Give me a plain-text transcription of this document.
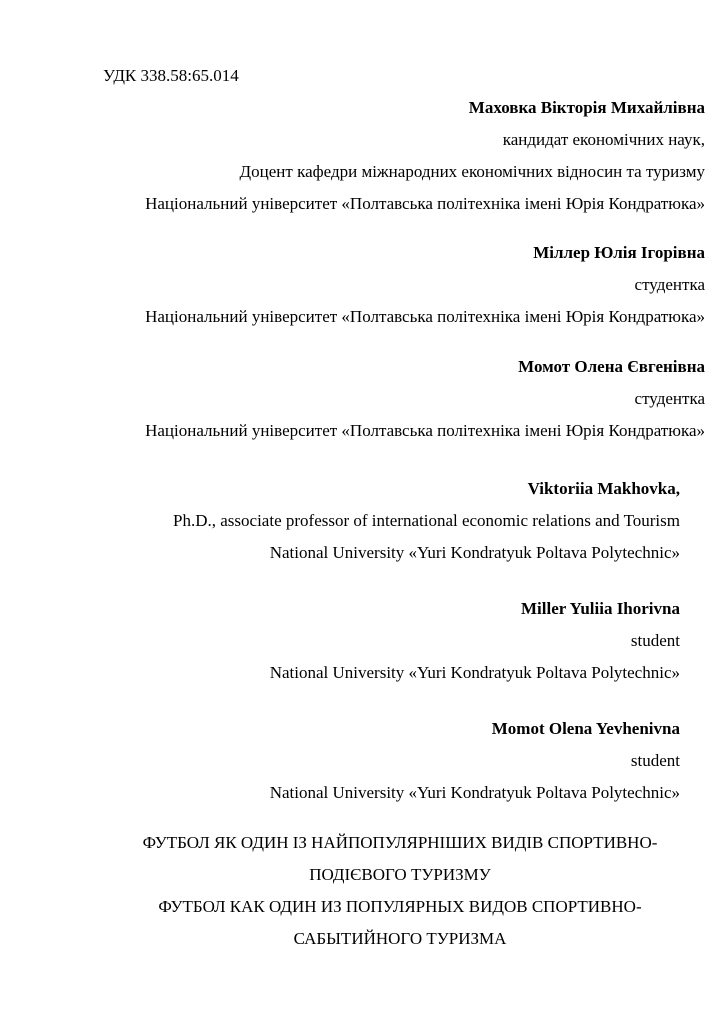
УДК 338.58:65.014

Маховка Вікторія Михайлівна

кандидат економічних наук,

Доцент кафедри міжнародних економічних відносин та туризму

Національний університет «Полтавська політехніка імені Юрія Кондратюка»

Міллер Юлія Ігорівна

студентка

Національний університет «Полтавська політехніка імені Юрія Кондратюка»

Момот Олена Євгенівна

студентка

Національний університет «Полтавська політехніка імені Юрія Кондратюка»

Viktoriia Makhovka,

Ph.D., associate professor of international economic relations and Tourism

National University «Yuri Kondratyuk Poltava Polytechnic»

Miller Yuliia Ihorivna

student

National University «Yuri Kondratyuk Poltava Polytechnic»

Momot Olena Yevhenivna

student

National University «Yuri Kondratyuk Poltava Polytechnic»

ФУТБОЛ ЯК ОДИН ІЗ НАЙПОПУЛЯРНІШИХ ВИДІВ СПОРТИВНО-

ПОДІЄВОГО ТУРИЗМУ

ФУТБОЛ КАК ОДИН ИЗ ПОПУЛЯРНЫХ ВИДОВ СПОРТИВНО-

САБЫТИЙНОГО ТУРИЗМА
